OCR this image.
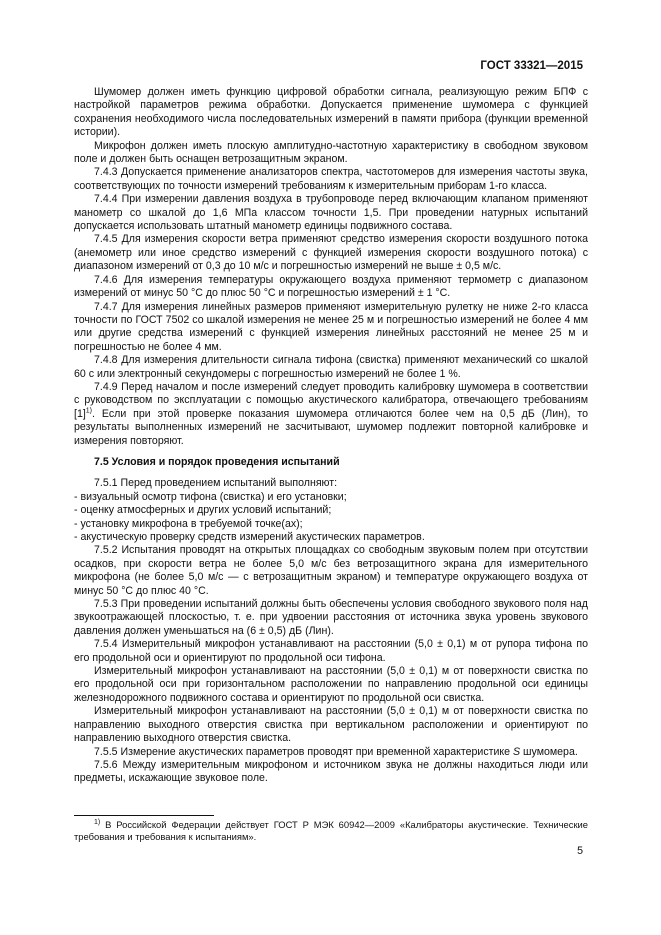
ГОСТ 33321—2015

Шумомер должен иметь функцию цифровой обработки сигнала, реализующую режим БПФ с настройкой параметров режима обработки. Допускается применение шумомера с функцией сохранения необходимого числа последовательных измерений в памяти прибора (функции временной истории).

Микрофон должен иметь плоскую амплитудно-частотную характеристику в свободном звуковом поле и должен быть оснащен ветрозащитным экраном.

7.4.3 Допускается применение анализаторов спектра, частотомеров для измерения частоты звука, соответствующих по точности измерений требованиям к измерительным приборам 1-го класса.

7.4.4 При измерении давления воздуха в трубопроводе перед включающим клапаном применяют манометр со шкалой до 1,6 МПа классом точности 1,5. При проведении натурных испытаний допускается использовать штатный манометр единицы подвижного состава.

7.4.5 Для измерения скорости ветра применяют средство измерения скорости воздушного потока (анемометр или иное средство измерений с функцией измерения скорости воздушного потока) с диапазоном измерений от 0,3 до 10 м/с и погрешностью измерений не выше ± 0,5 м/с.

7.4.6 Для измерения температуры окружающего воздуха применяют термометр с диапазоном измерений от минус 50 °С до плюс 50 °С и погрешностью измерений ± 1 °С.

7.4.7 Для измерения линейных размеров применяют измерительную рулетку не ниже 2-го класса точности по ГОСТ 7502 со шкалой измерения не менее 25 м и погрешностью измерений не более 4 мм или другие средства измерений с функцией измерения линейных расстояний не менее 25 м и погрешностью не более 4 мм.

7.4.8 Для измерения длительности сигнала тифона (свистка) применяют механический со шкалой 60 с или электронный секундомеры с погрешностью измерений не более 1 %.

7.4.9 Перед началом и после измерений следует проводить калибровку шумомера в соответствии с руководством по эксплуатации с помощью акустического калибратора, отвечающего требованиям $[1]^{1)}$. Если при этой проверке показания шумомера отличаются более чем на 0,5 дБ (Лин), то результаты выполненных измерений не засчитывают, шумомер подлежит повторной калибровке и измерения повторяют.

7.5 Условия и порядок проведения испытаний

7.5.1 Перед проведением испытаний выполняют:

- визуальный осмотр тифона (свистка) и его установки;

- оценку атмосферных и других условий испытаний;

- установку микрофона в требуемой точке(ах);

- акустическую проверку средств измерений акустических параметров.

7.5.2 Испытания проводят на открытых площадках со свободным звуковым полем при отсутствии осадков, при скорости ветра не более 5,0 м/с без ветрозащитного экрана для измерительного микрофона (не более 5,0 м/с — с ветрозащитным экраном) и температуре окружающего воздуха от минус 50 °С до плюс 40 °С.

7.5.3 При проведении испытаний должны быть обеспечены условия свободного звукового поля над звукоотражающей плоскостью, т. е. при удвоении расстояния от источника звука уровень звукового давления должен уменьшаться на (6 ± 0,5) дБ (Лин).

7.5.4 Измерительный микрофон устанавливают на расстоянии (5,0 ± 0,1) м от рупора тифона по его продольной оси и ориентируют по продольной оси тифона.

Измерительный микрофон устанавливают на расстоянии (5,0 ± 0,1) м от поверхности свистка по его продольной оси при горизонтальном расположении по направлению продольной оси единицы железнодорожного подвижного состава и ориентируют по продольной оси свистка.

Измерительный микрофон устанавливают на расстоянии (5,0 ± 0,1) м от поверхности свистка по направлению выходного отверстия свистка при вертикальном расположении и ориентируют по направлению выходного отверстия свистка.

7.5.5 Измерение акустических параметров проводят при временной характеристике S шумомера.

7.5.6 Между измерительным микрофоном и источником звука не должны находиться люди или предметы, искажающие звуковое поле.

$^{1)}$ В Российской Федерации действует ГОСТ Р МЭК 60942—2009 «Калибраторы акустические. Технические требования и требования к испытаниям».
5
